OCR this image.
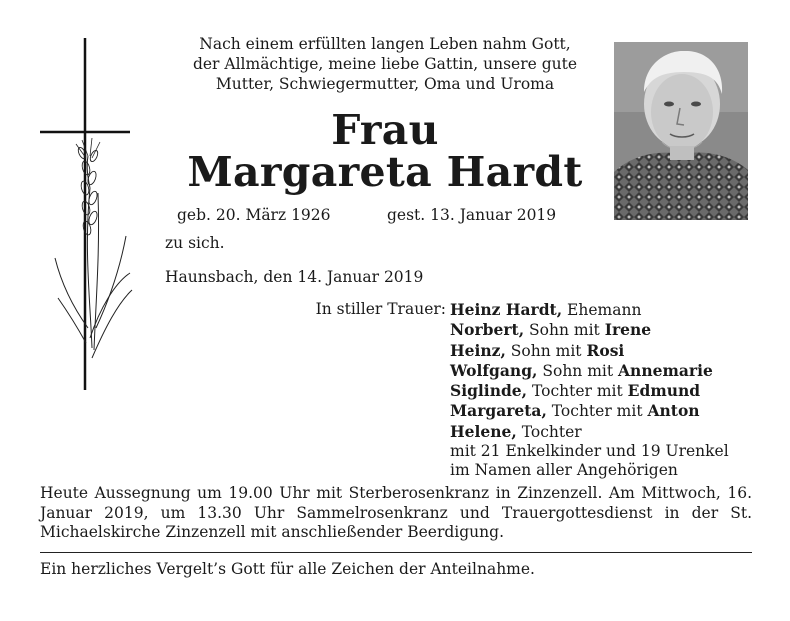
Nach einem erfüllten langen Leben nahm Gott,
der Allmächtige, meine liebe Gattin, unsere gute
Mutter, Schwiegermutter, Oma und Uroma
Frau
Margareta Hardt
geb. 20. März 1926	gest. 13. Januar 2019
zu sich.
Haunsbach, den 14. Januar 2019
In stiller Trauer: Heinz Hardt, Ehemann
Norbert, Sohn mit Irene
Heinz, Sohn mit Rosi
Wolfgang, Sohn mit Annemarie
Siglinde, Tochter mit Edmund
Margareta, Tochter mit Anton
Helene, Tochter
mit 21 Enkelkinder und 19 Urenkel
im Namen aller Angehörigen
Heute Aussegnung um 19.00 Uhr mit Sterberosenkranz in Zinzenzell. Am Mittwoch, 16. Januar 2019, um 13.30 Uhr Sammelrosenkranz und Trauergottesdienst in der St. Michaelskirche Zinzenzell mit anschließender Beerdigung.
Ein herzliches Vergelt’s Gott für alle Zeichen der Anteilnahme.
